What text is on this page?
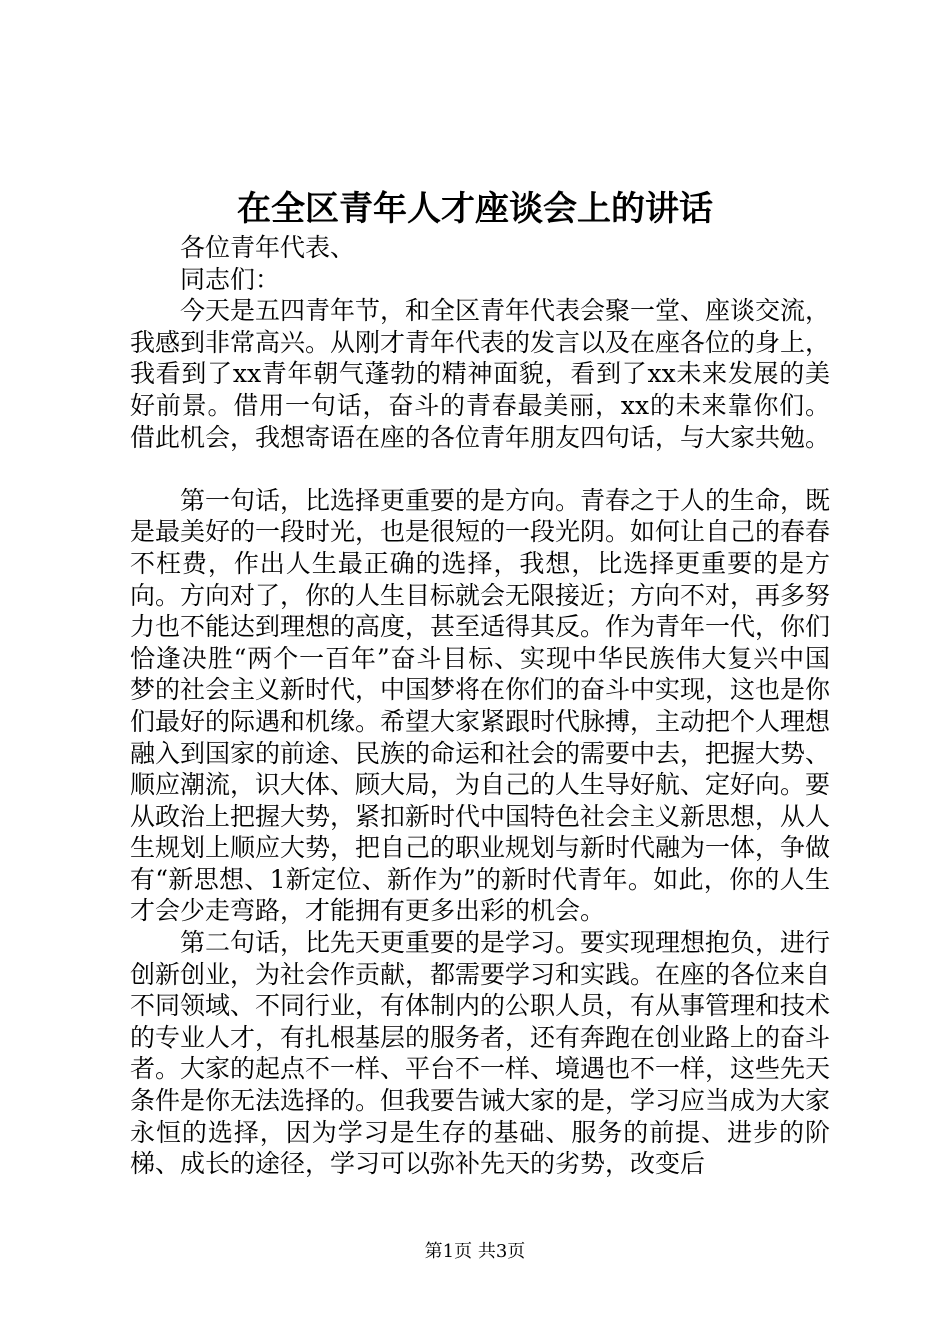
在全区青年人才座谈会上的讲话

各位青年代表、

同志们：

今天是五四青年节，和全区青年代表会聚一堂、座谈交流，我感到非常高兴。从刚才青年代表的发言以及在座各位的身上，我看到了xx青年朝气蓬勃的精神面貌，看到了xx未来发展的美好前景。借用一句话，奋斗的青春最美丽，xx的未来靠你们。借此机会，我想寄语在座的各位青年朋友四句话，与大家共勉。

第一句话，比选择更重要的是方向。青春之于人的生命，既是最美好的一段时光，也是很短的一段光阴。如何让自己的春春不枉费，作出人生最正确的选择，我想，比选择更重要的是方向。方向对了，你的人生目标就会无限接近；方向不对，再多努力也不能达到理想的高度，甚至适得其反。作为青年一代，你们恰逢决胜“两个一百年”奋斗目标、实现中华民族伟大复兴中国梦的社会主义新时代，中国梦将在你们的奋斗中实现，这也是你们最好的际遇和机缘。希望大家紧跟时代脉搏，主动把个人理想融入到国家的前途、民族的命运和社会的需要中去，把握大势、顺应潮流，识大体、顾大局，为自己的人生导好航、定好向。要从政治上把握大势，紧扣新时代中国特色社会主义新思想，从人生规划上顺应大势，把自己的职业规划与新时代融为一体，争做有“新思想、1新定位、新作为”的新时代青年。如此，你的人生才会少走弯路，才能拥有更多出彩的机会。

第二句话，比先天更重要的是学习。要实现理想抱负，进行创新创业，为社会作贡献，都需要学习和实践。在座的各位来自不同领域、不同行业，有体制内的公职人员，有从事管理和技术的专业人才，有扎根基层的服务者，还有奔跑在创业路上的奋斗者。大家的起点不一样、平台不一样、境遇也不一样，这些先天条件是你无法选择的。但我要告诫大家的是，学习应当成为大家永恒的选择，因为学习是生存的基础、服务的前提、进步的阶梯、成长的途径，学习可以弥补先天的劣势，改变后

第1页 共3页
